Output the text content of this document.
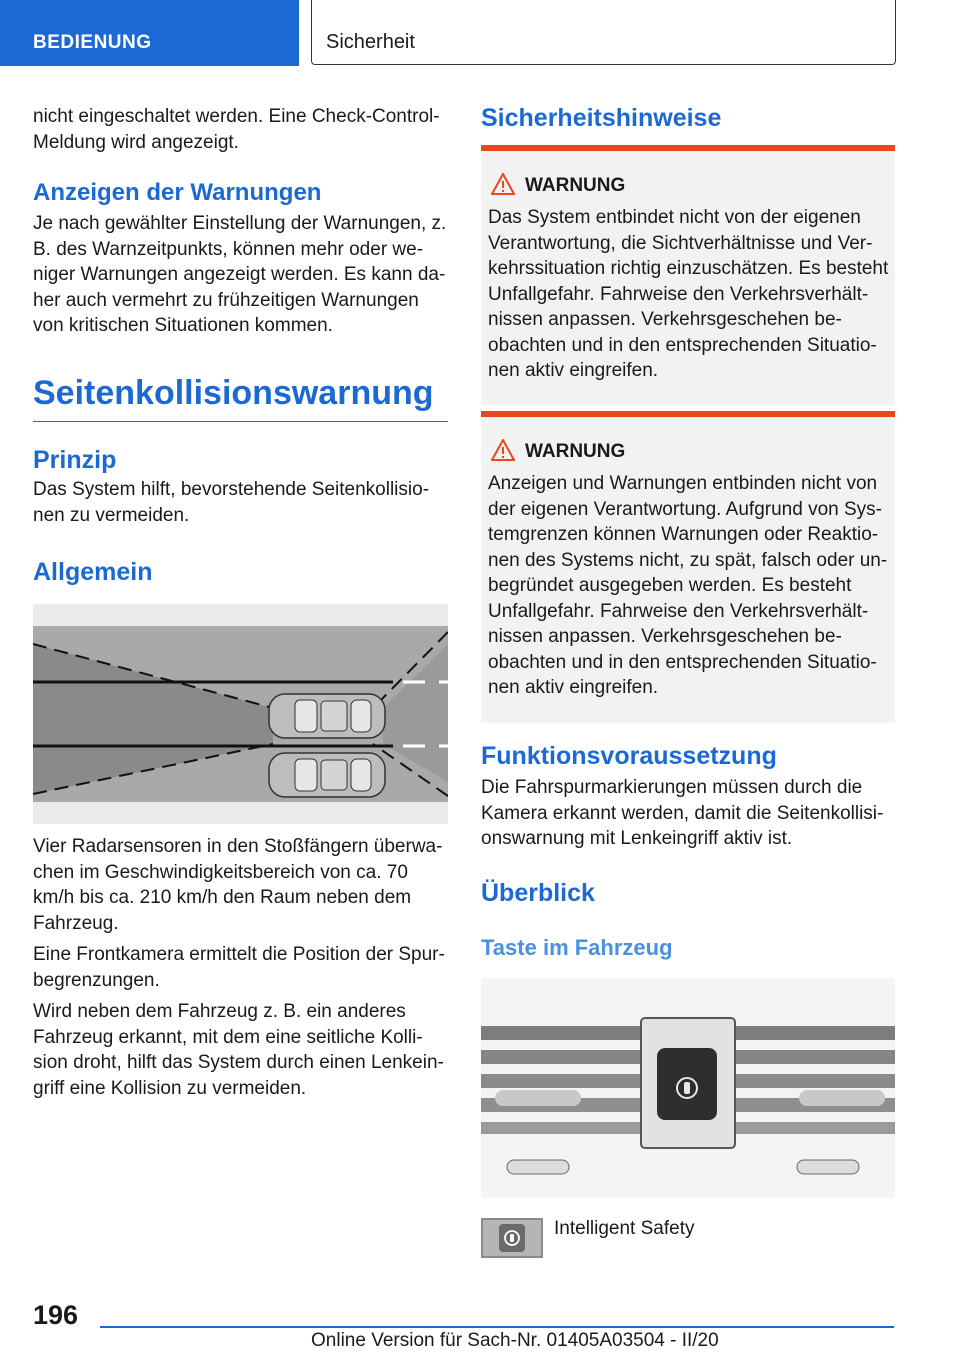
BEDIENUNG	Sicherheit

nicht eingeschaltet werden. Eine Check-Control-Meldung wird angezeigt.

Anzeigen der Warnungen

Je nach gewählter Einstellung der Warnungen, z. B. des Warnzeitpunkts, können mehr oder we-niger Warnungen angezeigt werden. Es kann da-her auch vermehrt zu frühzeitigen Warnungen von kritischen Situationen kommen.

Seitenkollisionswarnung
Prinzip

Das System hilft, bevorstehende Seitenkollisio-nen zu vermeiden.

Allgemein

Vier Radarsensoren in den Stoßfängern überwa-chen im Geschwindigkeitsbereich von ca. 70 km/h bis ca. 210 km/h den Raum neben dem Fahrzeug.

Eine Frontkamera ermittelt die Position der Spur-begrenzungen.

Wird neben dem Fahrzeug z. B. ein anderes Fahrzeug erkannt, mit dem eine seitliche Kolli-sion droht, hilft das System durch einen Lenkein-griff eine Kollision zu vermeiden.

Sicherheitshinweise
WARNUNG

Das System entbindet nicht von der eigenen Verantwortung, die Sichtverhältnisse und Ver-kehrssituation richtig einzuschätzen. Es besteht Unfallgefahr. Fahrweise den Verkehrsverhält-nissen anpassen. Verkehrsgeschehen be-obachten und in den entsprechenden Situatio-nen aktiv eingreifen.

WARNUNG

Anzeigen und Warnungen entbinden nicht von der eigenen Verantwortung. Aufgrund von Sys-temgrenzen können Warnungen oder Reaktio-nen des Systems nicht, zu spät, falsch oder un-begründet ausgegeben werden. Es besteht Unfallgefahr. Fahrweise den Verkehrsverhält-nissen anpassen. Verkehrsgeschehen be-obachten und in den entsprechenden Situatio-nen aktiv eingreifen.

Funktionsvoraussetzung

Die Fahrspurmarkierungen müssen durch die Kamera erkannt werden, damit die Seitenkollisi-onswarnung mit Lenkeingriff aktiv ist.

Überblick
Taste im Fahrzeug

Intelligent Safety

196
Online Version für Sach-Nr. 01405A03504 - II/20
